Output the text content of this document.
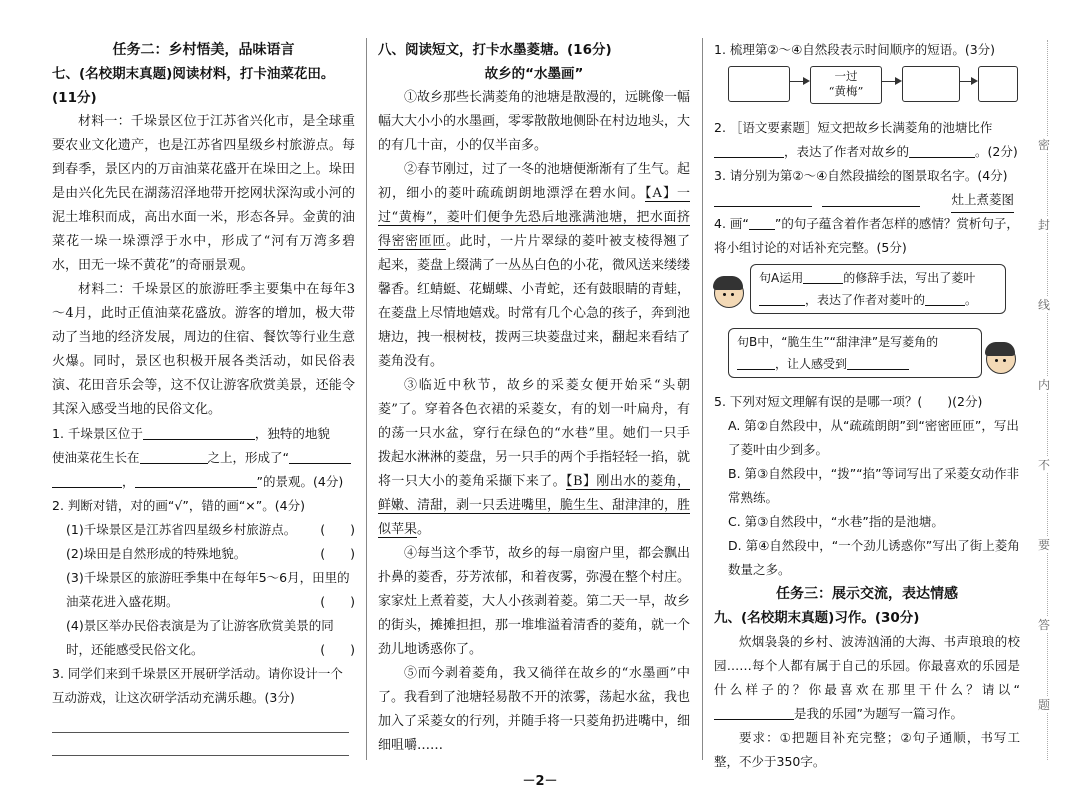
任务二：乡村悟美，品味语言
七、(名校期末真题)阅读材料，打卡油菜花田。(11分)

材料一：千垛景区位于江苏省兴化市，是全球重要农业文化遗产，也是江苏省四星级乡村旅游点。每到春季，景区内的万亩油菜花盛开在垛田之上。垛田是由兴化先民在湖荡沼泽地带开挖网状深沟或小河的泥土堆积而成，高出水面一米，形态各异。金黄的油菜花一垛一垛漂浮于水中，形成了“河有万湾多碧水，田无一垛不黄花”的奇丽景观。

材料二：千垛景区的旅游旺季主要集中在每年3～4月，此时正值油菜花盛放。游客的增加，极大带动了当地的经济发展，周边的住宿、餐饮等行业生意火爆。同时，景区也积极开展各类活动，如民俗表演、花田音乐会等，这不仅让游客欣赏美景，还能令其深入感受当地的民俗文化。

1. 千垛景区位于	，独特的地貌
使油菜花生长在	之上，形成了“
，	”的景观。(4分)
2. 判断对错，对的画“√”，错的画“×”。(4分)
(1)千垛景区是江苏省四星级乡村旅游点。 (　　)
(2)垛田是自然形成的特殊地貌。	(　　)
(3)千垛景区的旅游旺季集中在每年5～6月，田里的油菜花进入盛花期。	(　　)
(4)景区举办民俗表演是为了让游客欣赏美景的同时，还能感受民俗文化。	(　　)
3. 同学们来到千垛景区开展研学活动。请你设计一个互动游戏，让这次研学活动充满乐趣。(3分)
八、阅读短文，打卡水墨菱塘。(16分)
故乡的“水墨画”

①故乡那些长满菱角的池塘是散漫的，远眺像一幅幅大大小小的水墨画，零零散散地侧卧在村边地头，大的有几十亩，小的仅半亩多。

②春节刚过，过了一冬的池塘便渐渐有了生气。起初，细小的菱叶疏疏朗朗地漂浮在碧水间。【A】一过“黄梅”，菱叶们便争先恐后地涨满池塘，把水面挤得密密匝匝。此时，一片片翠绿的菱叶被支棱得翘了起来，菱盘上缀满了一丛丛白色的小花，微风送来缕缕馨香。红蜻蜓、花蝴蝶、小青蛇，还有鼓眼睛的青蛙，在菱盘上尽情地嬉戏。时常有几个心急的孩子，奔到池塘边，拽一根树枝，拨两三块菱盘过来，翻起来看结了菱角没有。

③临近中秋节，故乡的采菱女便开始采“头朝菱”了。穿着各色衣裙的采菱女，有的划一叶扁舟，有的荡一只水盆，穿行在绿色的“水巷”里。她们一只手拨起水淋淋的菱盘，另一只手的两个手指轻轻一掐，就将一只大小的菱角采撷下来了。【B】刚出水的菱角，鲜嫩、清甜，剥一只丢进嘴里，脆生生、甜津津的，胜似苹果。

④每当这个季节，故乡的每一扇窗户里，都会飘出扑鼻的菱香，芬芳浓郁，和着夜雾，弥漫在整个村庄。家家灶上煮着菱，大人小孩剥着菱。第二天一早，故乡的街头，摊摊担担，那一堆堆溢着清香的菱角，就一个劲儿地诱惑你了。

⑤而今剥着菱角，我又徜徉在故乡的“水墨画”中了。我看到了池塘轻易散不开的浓雾，荡起水盆，我也加入了采菱女的行列，并随手将一只菱角扔进嘴中，细细咀嚼……

1. 梳理第②～④自然段表示时间顺序的短语。(3分)
一过
“黄梅”
2. ［语文要素题］短文把故乡长满菱角的池塘比作
，表达了作者对故乡的	。(2分)
3. 请分别为第②～④自然段描绘的图景取名字。(4分)
灶上煮菱图
4. 画“ ”的句子蕴含着作者怎样的感情？赏析句子，将小组讨论的对话补充完整。(5分)
句A运用	的修辞手法，写出了菱叶，表达了作者对菱叶的	。
句B中，“脆生生”“甜津津”是写菱角的，让人感受到
5. 下列对短文理解有误的是哪一项？(　　)(2分)
A. 第②自然段中，从“疏疏朗朗”到“密密匝匝”，写出了菱叶由少到多。
B. 第③自然段中，“拨”“掐”等词写出了采菱女动作非常熟练。
C. 第③自然段中，“水巷”指的是池塘。
D. 第④自然段中，“一个劲儿诱惑你”写出了街上菱角数量之多。
任务三：展示交流，表达情感
九、(名校期末真题)习作。(30分)

炊烟袅袅的乡村、波涛汹涌的大海、书声琅琅的校园……每个人都有属于自己的乐园。你最喜欢的乐园是什么样子的？你最喜欢在那里干什么？请以“是我的乐园”为题写一篇习作。

要求：①把题目补充完整；②句子通顺，书写工整，不少于350字。

密
封
线
内
不
要
答
题
－2－
